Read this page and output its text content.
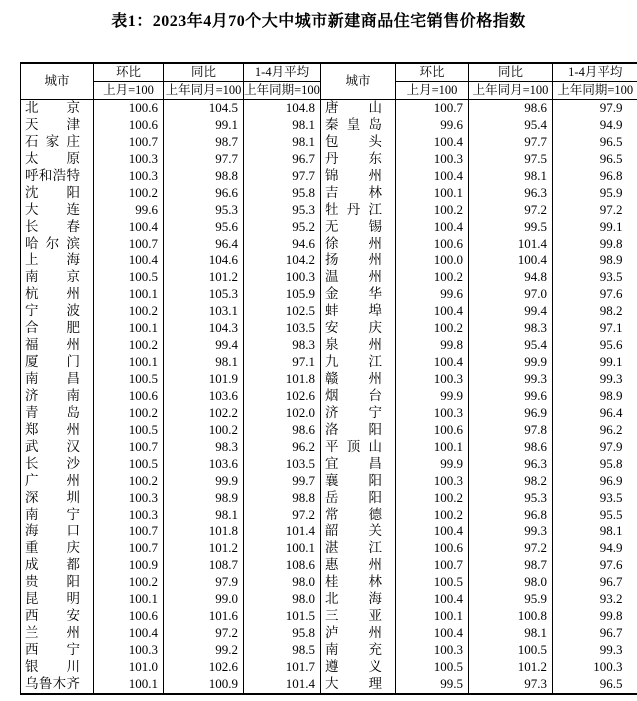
表1：2023年4月70个大中城市新建商品住宅销售价格指数
城市	环比	同比	1-4月平均	城市	环比	同比	1-4月平均
	上月=100	上年同月=100	上年同期=100		上月=100	上年同月=100	上年同期=100

北 京	100.6	104.5	104.8	唐 山	100.7	98.6	97.9

天 津	100.6	99.1	98.1	秦 皇 岛	99.6	95.4	94.9

石 家 庄	100.7	98.7	98.1	包 头	100.4	97.7	96.5

太 原	100.3	97.7	96.7	丹 东	100.3	97.5	96.5

呼 和 浩 特	100.3	98.8	97.7	锦 州	100.4	98.1	96.8

沈 阳	100.2	96.6	95.8	吉 林	100.1	96.3	95.9

大 连	99.6	95.3	95.3	牡 丹 江	100.2	97.2	97.2

长 春	100.4	95.6	95.2	无 锡	100.4	99.5	99.1

哈 尔 滨	100.7	96.4	94.6	徐 州	100.6	101.4	99.8

上 海	100.4	104.6	104.2	扬 州	100.0	100.4	98.9

南 京	100.5	101.2	100.3	温 州	100.2	94.8	93.5

杭 州	100.1	105.3	105.9	金 华	99.6	97.0	97.6

宁 波	100.2	103.1	102.5	蚌 埠	100.4	99.4	98.2

合 肥	100.1	104.3	103.5	安 庆	100.2	98.3	97.1

福 州	100.2	99.4	98.3	泉 州	99.8	95.4	95.6

厦 门	100.1	98.1	97.1	九 江	100.4	99.9	99.1

南 昌	100.5	101.9	101.8	赣 州	100.3	99.3	99.3

济 南	100.6	103.6	102.6	烟 台	99.9	99.6	98.9

青 岛	100.2	102.2	102.0	济 宁	100.3	96.9	96.4

郑 州	100.5	100.2	98.6	洛 阳	100.6	97.8	96.2

武 汉	100.7	98.3	96.2	平 顶 山	100.1	98.6	97.9

长 沙	100.5	103.6	103.5	宜 昌	99.9	96.3	95.8

广 州	100.2	99.9	99.7	襄 阳	100.3	98.2	96.9

深 圳	100.3	98.9	98.8	岳 阳	100.2	95.3	93.5

南 宁	100.3	98.1	97.2	常 德	100.2	96.8	95.5

海 口	100.7	101.8	101.4	韶 关	100.4	99.3	98.1

重 庆	100.7	101.2	100.1	湛 江	100.6	97.2	94.9

成 都	100.9	108.7	108.6	惠 州	100.7	98.7	97.6

贵 阳	100.2	97.9	98.0	桂 林	100.5	98.0	96.7

昆 明	100.1	99.0	98.0	北 海	100.4	95.9	93.2

西 安	100.6	101.6	101.5	三 亚	100.1	100.8	99.8

兰 州	100.4	97.2	95.8	泸 州	100.4	98.1	96.7

西 宁	100.3	99.2	98.5	南 充	100.3	100.5	99.3

银 川	101.0	102.6	101.7	遵 义	100.5	101.2	100.3

乌 鲁 木 齐	100.1	100.9	101.4	大 理	99.5	97.3	96.5
